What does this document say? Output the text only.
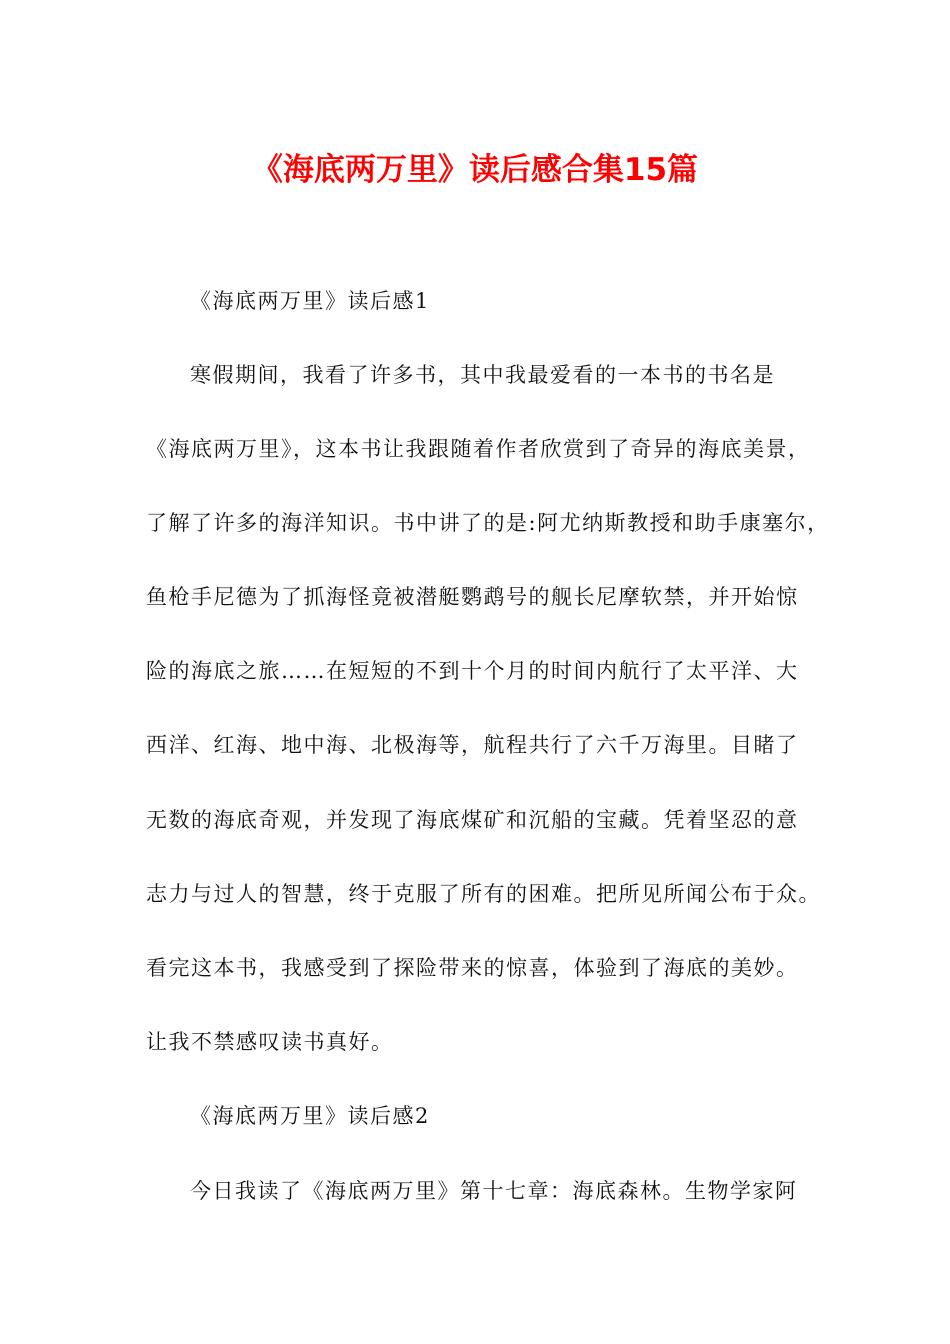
《海底两万里》读后感合集15篇

《海底两万里》读后感1

寒假期间，我看了许多书，其中我最爱看的一本书的书名是

《海底两万里》，这本书让我跟随着作者欣赏到了奇异的海底美景，

了解了许多的海洋知识。书中讲了的是:阿尤纳斯教授和助手康塞尔，

鱼枪手尼德为了抓海怪竟被潜艇鹦鹉号的舰长尼摩软禁，并开始惊

险的海底之旅……在短短的不到十个月的时间内航行了太平洋、大

西洋、红海、地中海、北极海等，航程共行了六千万海里。目睹了

无数的海底奇观，并发现了海底煤矿和沉船的宝藏。凭着坚忍的意

志力与过人的智慧，终于克服了所有的困难。把所见所闻公布于众。

看完这本书，我感受到了探险带来的惊喜，体验到了海底的美妙。

让我不禁感叹读书真好。

《海底两万里》读后感2

今日我读了《海底两万里》第十七章：海底森林。生物学家阿
